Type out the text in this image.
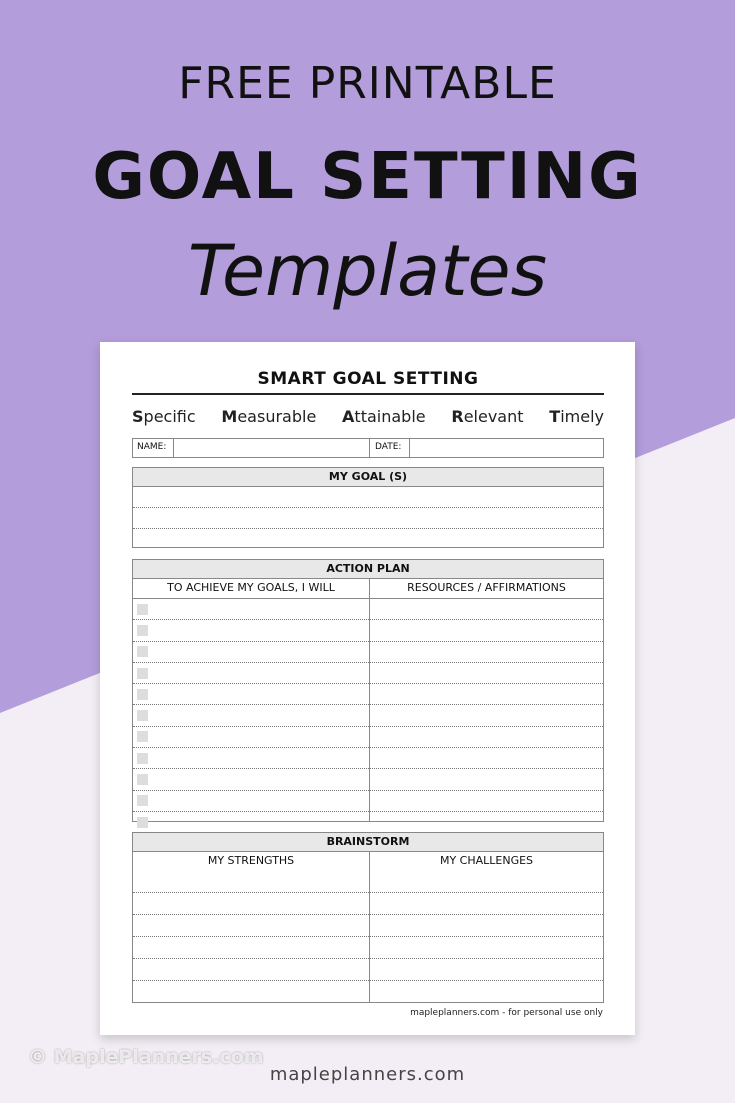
FREE PRINTABLE
GOAL SETTING
Templates
SMART GOAL SETTING
Specific Measurable Attainable Relevant Timely
NAME:	DATE:
MY GOAL (S)
ACTION PLAN
TO ACHIEVE MY GOALS, I WILL	RESOURCES / AFFIRMATIONS
BRAINSTORM
MY STRENGTHS	MY CHALLENGES
mapleplanners.com - for personal use only
© MaplePlanners.com
mapleplanners.com
